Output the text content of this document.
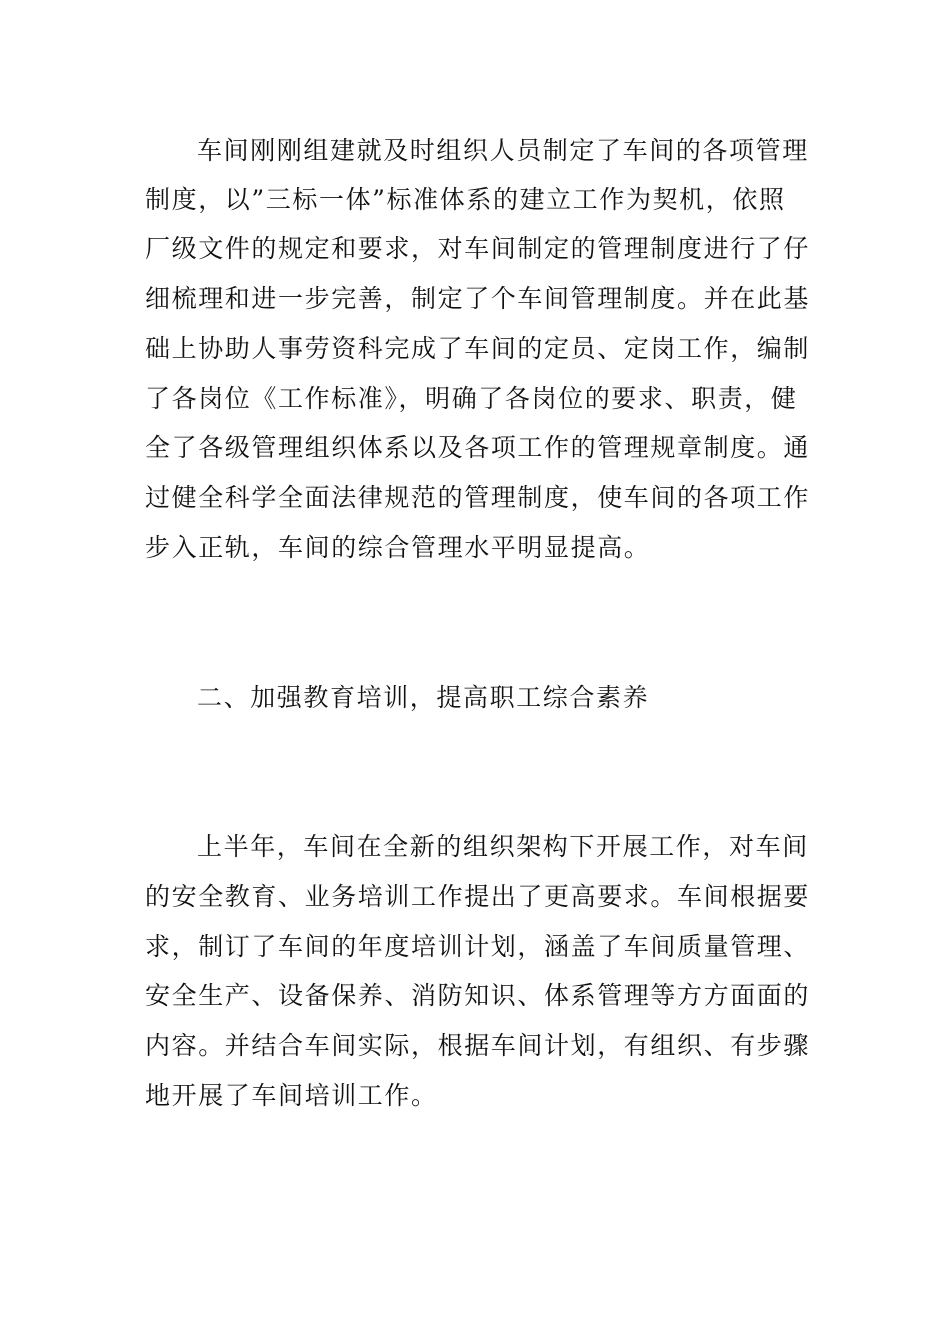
车间刚刚组建就及时组织人员制定了车间的各项管理

制度，以”三标一体”标准体系的建立工作为契机，依照

厂级文件的规定和要求，对车间制定的管理制度进行了仔

细梳理和进一步完善，制定了个车间管理制度。并在此基

础上协助人事劳资科完成了车间的定员、定岗工作，编制

了各岗位《工作标准》，明确了各岗位的要求、职责，健

全了各级管理组织体系以及各项工作的管理规章制度。通

过健全科学全面法律规范的管理制度，使车间的各项工作

步入正轨，车间的综合管理水平明显提高。

二、加强教育培训，提高职工综合素养

上半年，车间在全新的组织架构下开展工作，对车间

的安全教育、业务培训工作提出了更高要求。车间根据要

求，制订了车间的年度培训计划，涵盖了车间质量管理、

安全生产、设备保养、消防知识、体系管理等方方面面的

内容。并结合车间实际，根据车间计划，有组织、有步骤

地开展了车间培训工作。
